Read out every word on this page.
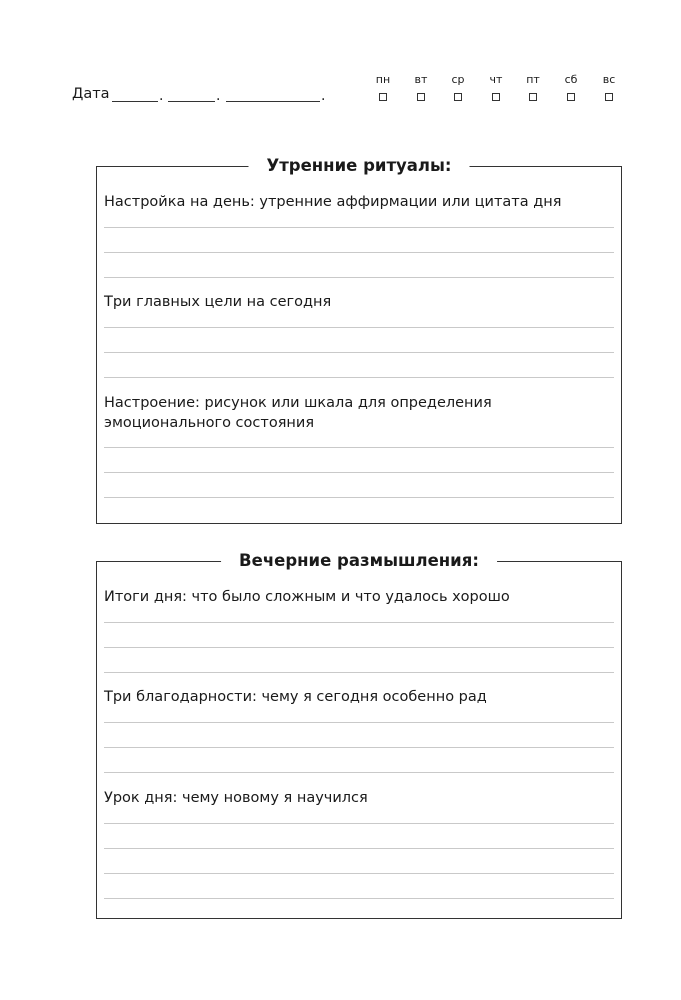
Дата	.	.	.
пн	вт	ср	чт	пт	сб	вс
Утренние ритуалы:
Настройка на день: утренние аффирмации или цитата дня
Три главных цели на сегодня
Настроение: рисунок или шкала для определения эмоционального состояния
Вечерние размышления:
Итоги дня: что было сложным и что удалось хорошо
Три благодарности: чему я сегодня особенно рад
Урок дня: чему новому я научился
